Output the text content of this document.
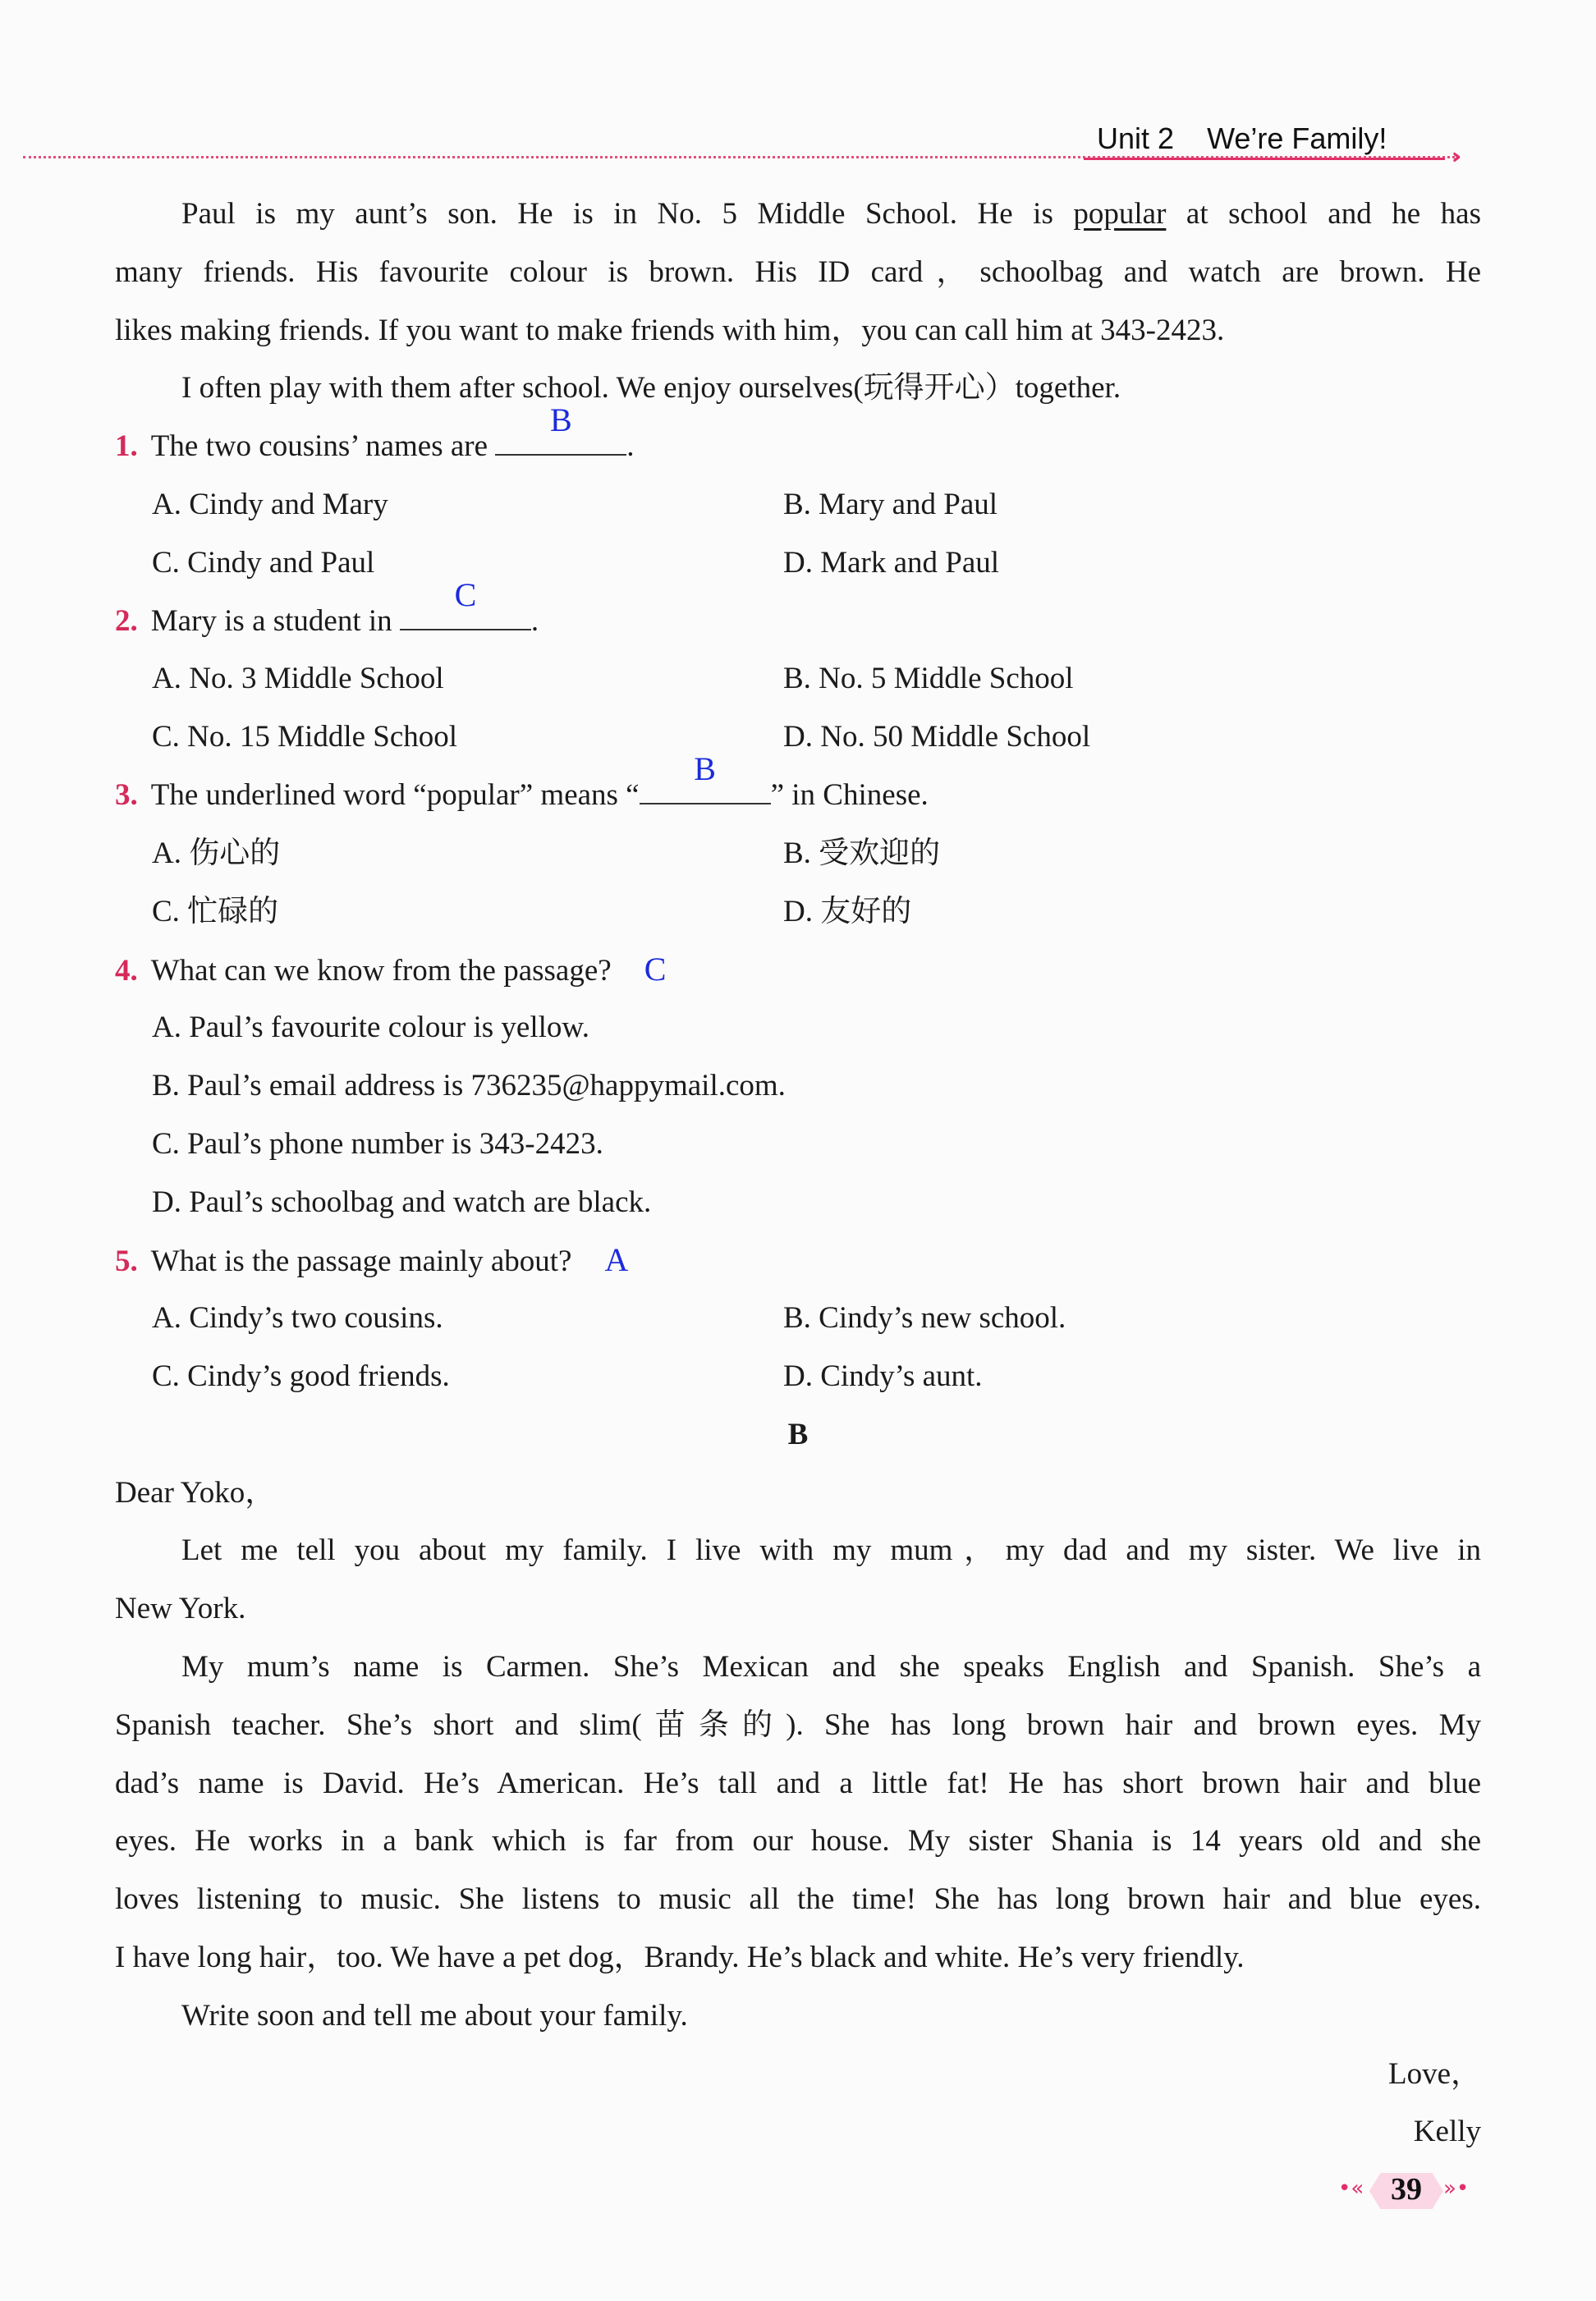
›››
Unit 2 We’re Family!
Paul is my aunt’s son. He is in No. 5 Middle School. He is popular at school and he has
many friends. His favourite colour is brown. His ID card，schoolbag and watch are brown. He
likes making friends. If you want to make friends with him，you can call him at 343-2423.
I often play with them after school. We enjoy ourselves(玩得开心）together.
1. The two cousins’ names are
B
.
A. Cindy and Mary	B. Mary and Paul
C. Cindy and Paul	D. Mark and Paul
2. Mary is a student in
C
.
A. No. 3 Middle School	B. No. 5 Middle School
C. No. 15 Middle School	D. No. 50 Middle School
3. The underlined word “popular” means “
B
” in Chinese.
A. 伤心的	B. 受欢迎的
C. 忙碌的	D. 友好的
4. What can we know from the passage? C
A. Paul’s favourite colour is yellow.
B. Paul’s email address is 736235@happymail.com.
C. Paul’s phone number is 343-2423.
D. Paul’s schoolbag and watch are black.
5. What is the passage mainly about? A
A. Cindy’s two cousins.	B. Cindy’s new school.
C. Cindy’s good friends.	D. Cindy’s aunt.
B
Dear Yoko，
Let me tell you about my family. I live with my mum，my dad and my sister. We live in
New York.
My mum’s name is Carmen. She’s Mexican and she speaks English and Spanish. She’s a
Spanish teacher. She’s short and slim(苗条的). She has long brown hair and brown eyes. My
dad’s name is David. He’s American. He’s tall and a little fat! He has short brown hair and blue
eyes. He works in a bank which is far from our house. My sister Shania is 14 years old and she
loves listening to music. She listens to music all the time! She has long brown hair and blue eyes.
I have long hair，too. We have a pet dog，Brandy. He’s black and white. He’s very friendly.
Write soon and tell me about your family.
Love，
Kelly
•« 39	»•
